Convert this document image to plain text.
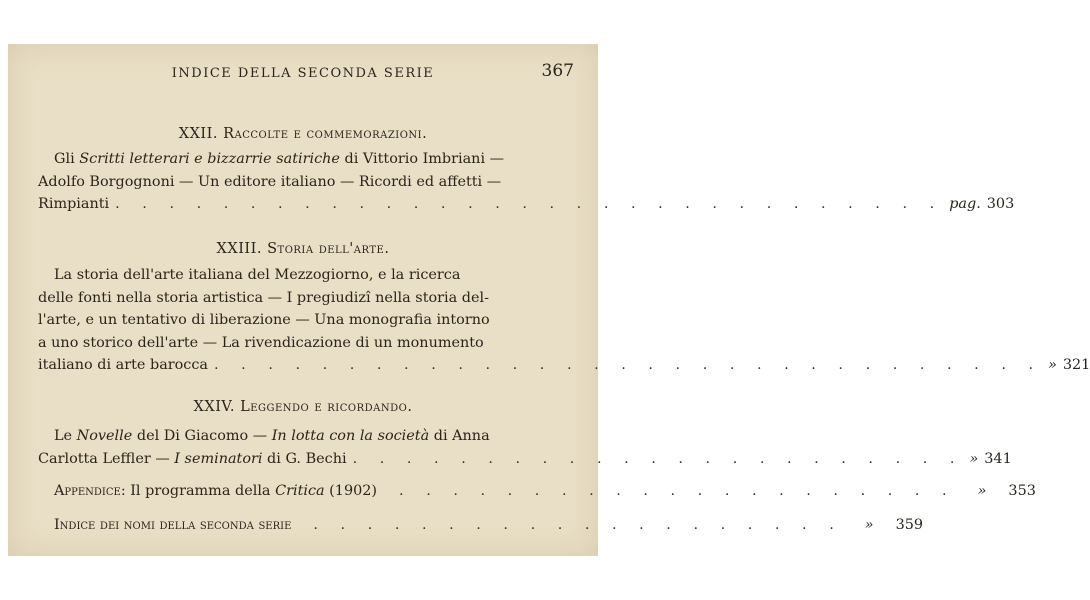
INDICE DELLA SECONDA SERIE	367
XXII. Raccolte e commemorazioni.
Gli Scritti letterari e bizzarrie satiriche di Vittorio Imbriani —
Adolfo Borgognoni — Un editore italiano — Ricordi ed affetti —
Rimpianti . . . . . . . . . . . . . . . . . . . . . . . . . . . . . . . pag. 303
XXIII. Storia dell'arte.
La storia dell'arte italiana del Mezzogiorno, e la ricerca
delle fonti nella storia artistica — I pregiudizî nella storia del-
l'arte, e un tentativo di liberazione — Una monografia intorno
a uno storico dell'arte — La rivendicazione di un monumento
italiano di arte barocca . . . . . . . . . . . . . . . . . . . . . . . . . . . . . . . » 321
XXIV. Leggendo e ricordando.
Le Novelle del Di Giacomo — In lotta con la società di Anna
Carlotta Leffler — I seminatori di G. Bechi . . . . . . . . . . . . . . . . . . . . . . . » 341
Appendice: Il programma della Critica (1902)	. . . . . . . . . . . . . . . . . . . . .	»	353
Indice dei nomi della seconda serie	. . . . . . . . . . . . . . . . . . . .	»	359
